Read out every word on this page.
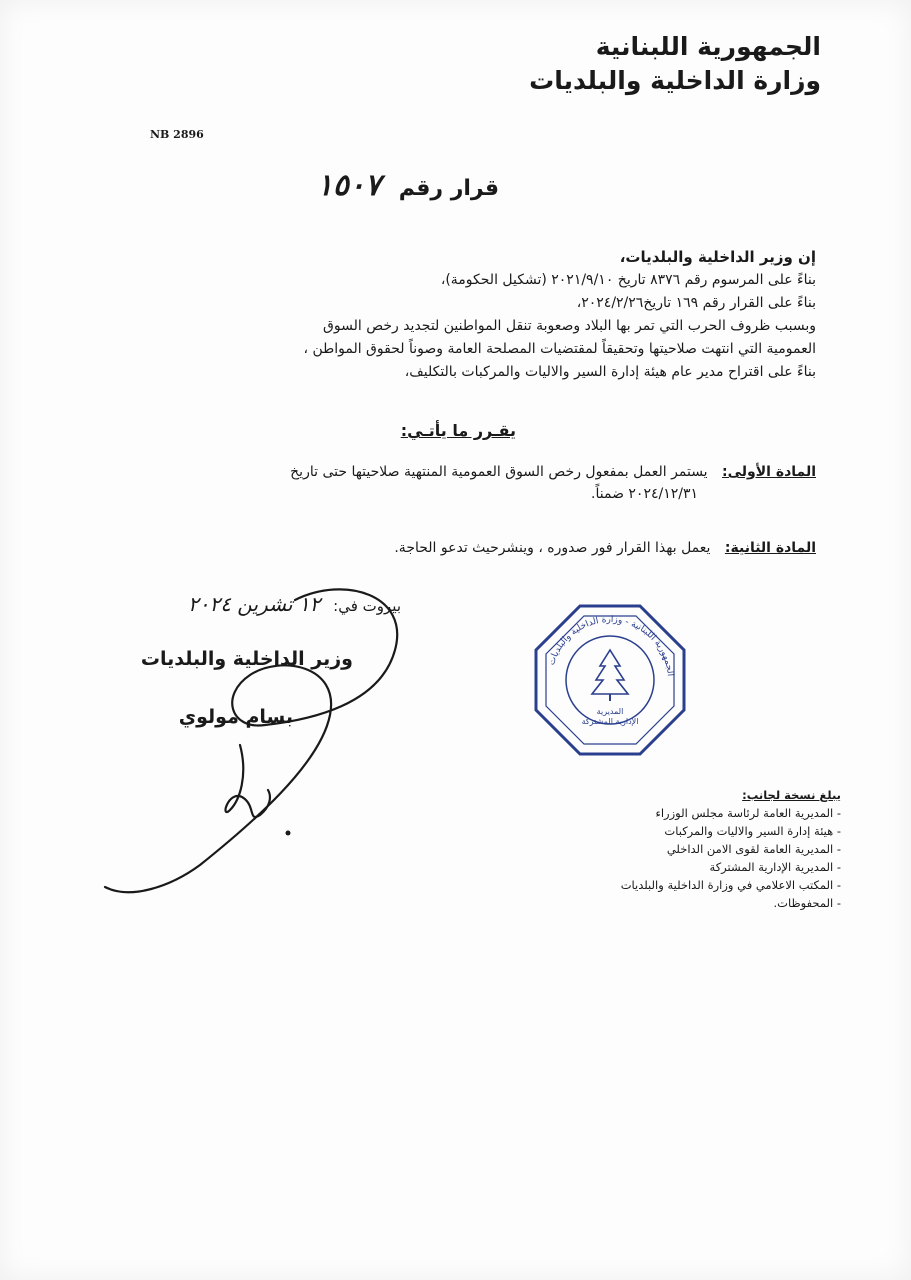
الجمهورية اللبنانية
وزارة الداخلية والبلديات
NB 2896
قرار رقم ١٥٠٧

إن وزير الداخلية والبلديات،

بناءً على المرسوم رقم ٨٣٧٦ تاريخ ٢٠٢١/٩/١٠ (تشكيل الحكومة)،

بناءً على القرار رقم ١٦٩ تاريخ٢٠٢٤/٢/٢٦،

وبسبب ظروف الحرب التي تمر بها البلاد وصعوبة تنقل المواطنين لتجديد رخص السوق

العمومية التي انتهت صلاحيتها وتحقيقاً لمقتضيات المصلحة العامة وصوناً لحقوق المواطن ،

بناءً على اقتراح مدير عام هيئة إدارة السير والاليات والمركبات بالتكليف،

يقـرر ما يأتـي:
المادة الأولى: يستمر العمل بمفعول رخص السوق العمومية المنتهية صلاحيتها حتى تاريخ
٢٠٢٤/١٢/٣١ ضمناً.
المادة الثانية: يعمل بهذا القرار فور صدوره ، وينشرحيث تدعو الحاجة.
بيروت في: ١٢ تشرين ٢٠٢٤
وزير الداخلية والبلديات
بسام مولوي	المديرية
الإدارية المشتركة
الجمهورية اللبنانية - وزارة الداخلية والبلديات
يبلغ نسخة لجانب:
- المديرية العامة لرئاسة مجلس الوزراء
- هيئة إدارة السير والاليات والمركبات
- المديرية العامة لقوى الامن الداخلي
- المديرية الإدارية المشتركة
- المكتب الاعلامي في وزارة الداخلية والبلديات
- المحفوظات.
